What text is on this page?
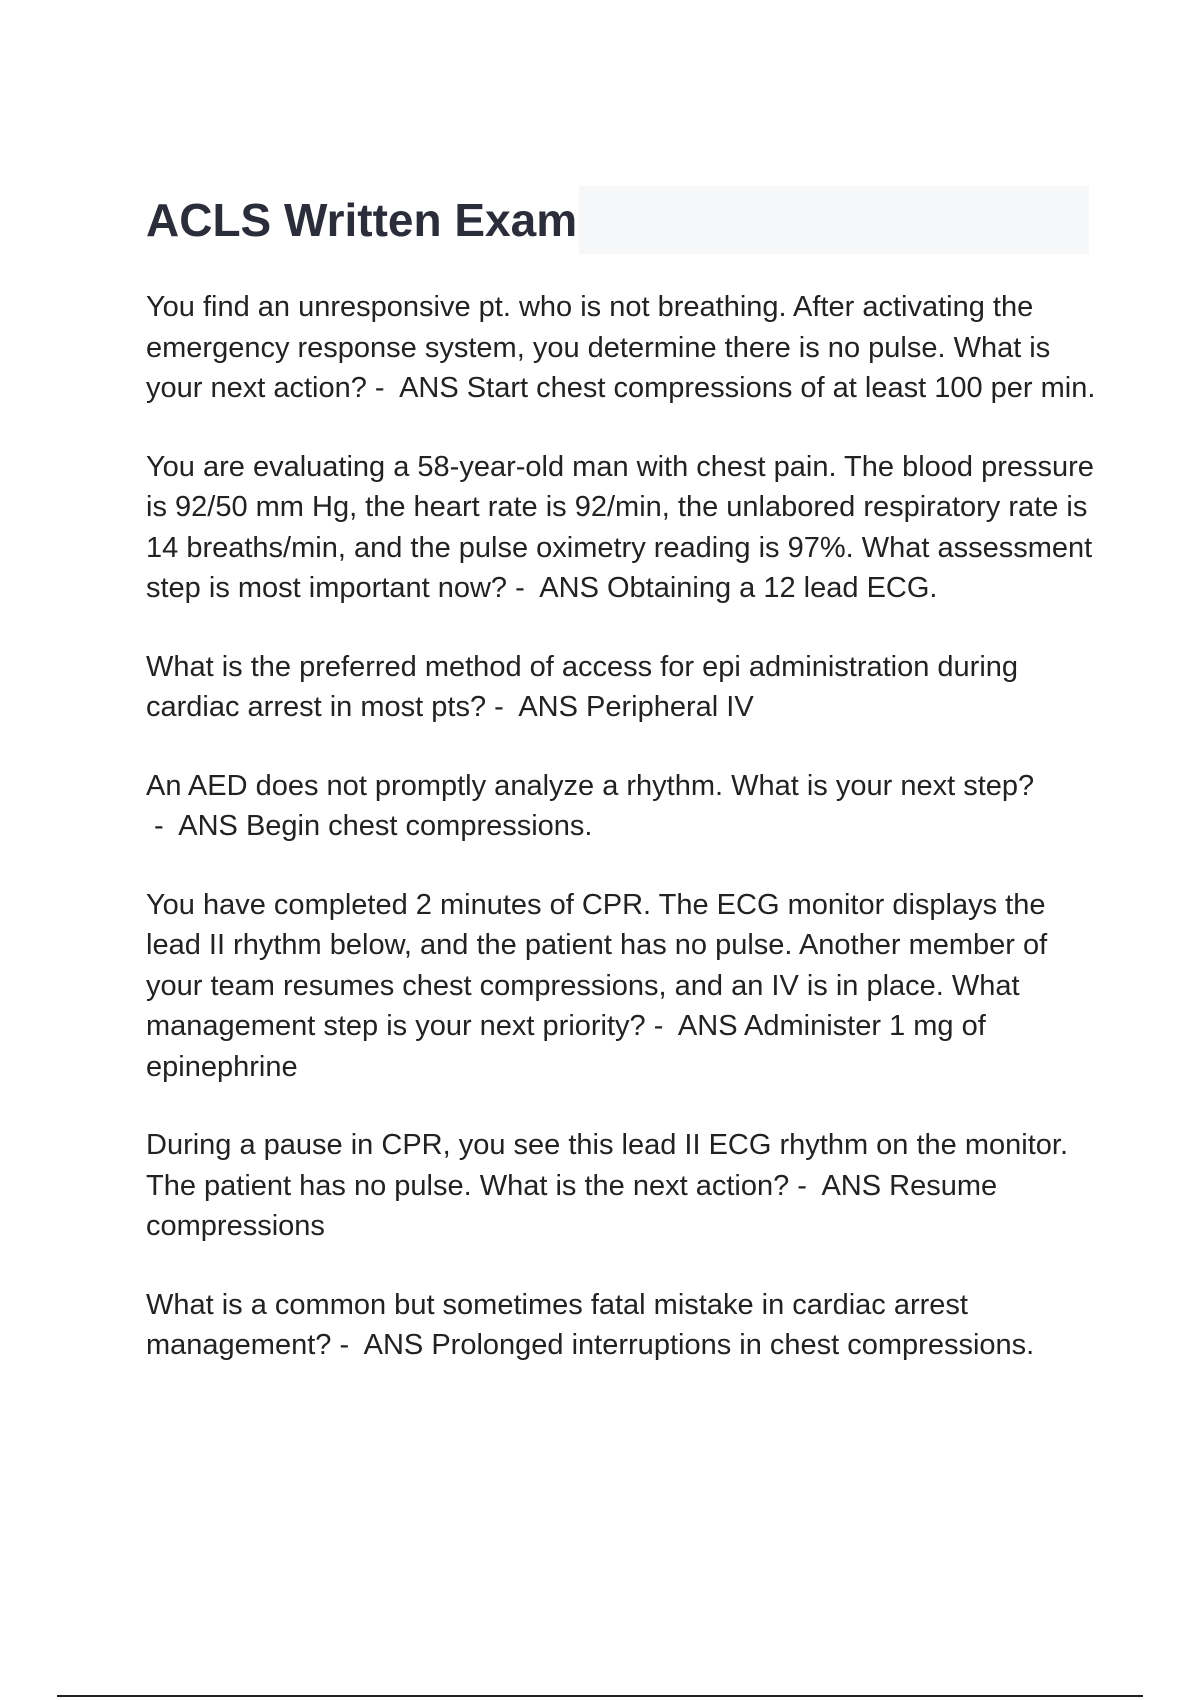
ACLS Written Exam

You find an unresponsive pt. who is not breathing. After activating the emergency response system, you determine there is no pulse. What is your next action? -  ANS Start chest compressions of at least 100 per min.

You are evaluating a 58-year-old man with chest pain. The blood pressure is 92/50 mm Hg, the heart rate is 92/min, the unlabored respiratory rate is 14 breaths/min, and the pulse oximetry reading is 97%. What assessment step is most important now? -  ANS Obtaining a 12 lead ECG.

What is the preferred method of access for epi administration during cardiac arrest in most pts? -  ANS Peripheral IV

An AED does not promptly analyze a rhythm. What is your next step? -  ANS Begin chest compressions.

You have completed 2 minutes of CPR. The ECG monitor displays the lead II rhythm below, and the patient has no pulse. Another member of your team resumes chest compressions, and an IV is in place. What management step is your next priority? -  ANS Administer 1 mg of epinephrine

During a pause in CPR, you see this lead II ECG rhythm on the monitor. The patient has no pulse. What is the next action? -  ANS Resume compressions

What is a common but sometimes fatal mistake in cardiac arrest management? -  ANS Prolonged interruptions in chest compressions.
